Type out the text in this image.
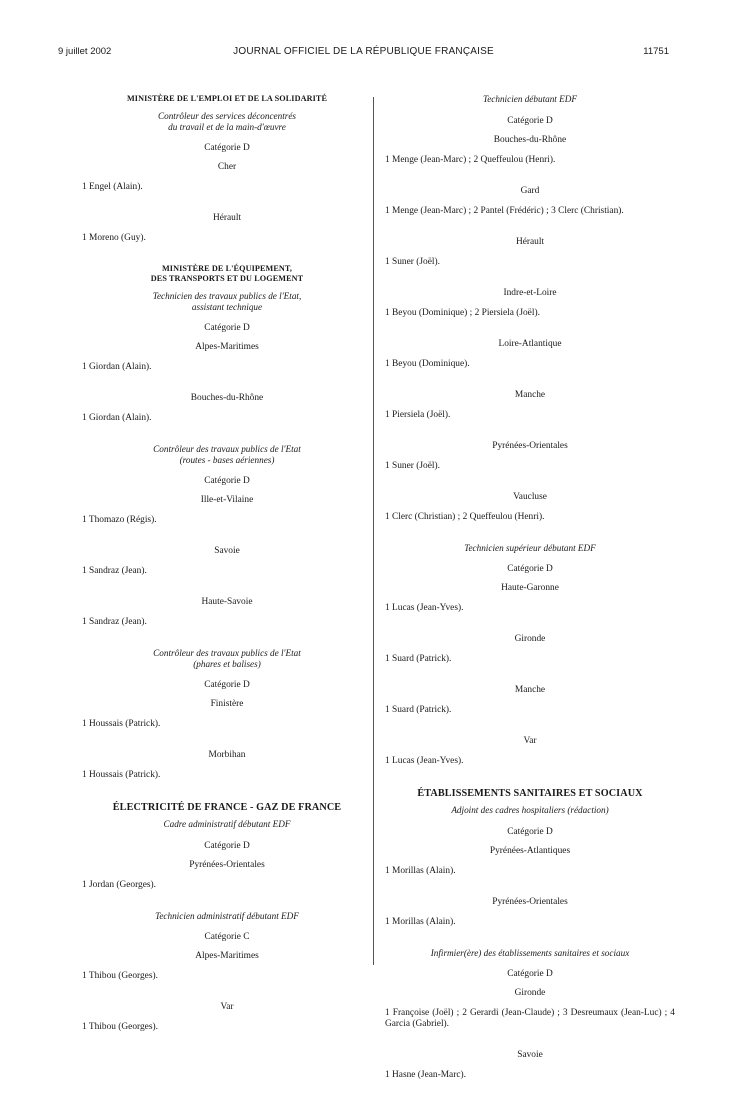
9 juillet 2002	JOURNAL OFFICIEL DE LA RÉPUBLIQUE FRANÇAISE	11751
MINISTÈRE DE L'EMPLOI ET DE LA SOLIDARITÉ
Contrôleur des services déconcentrés
du travail et de la main-d'œuvre
Catégorie D
Cher
1 Engel (Alain).
Hérault
1 Moreno (Guy).
MINISTÈRE DE L'ÉQUIPEMENT,
DES TRANSPORTS ET DU LOGEMENT
Technicien des travaux publics de l'Etat,
assistant technique
Catégorie D
Alpes-Maritimes
1 Giordan (Alain).
Bouches-du-Rhône
1 Giordan (Alain).
Contrôleur des travaux publics de l'Etat
(routes - bases aériennes)
Catégorie D
Ille-et-Vilaine
1 Thomazo (Régis).
Savoie
1 Sandraz (Jean).
Haute-Savoie
1 Sandraz (Jean).
Contrôleur des travaux publics de l'Etat
(phares et balises)
Catégorie D
Finistère
1 Houssais (Patrick).
Morbihan
1 Houssais (Patrick).
ÉLECTRICITÉ DE FRANCE - GAZ DE FRANCE
Cadre administratif débutant EDF
Catégorie D
Pyrénées-Orientales
1 Jordan (Georges).
Technicien administratif débutant EDF
Catégorie C
Alpes-Maritimes
1 Thibou (Georges).
Var
1 Thibou (Georges).
Technicien débutant EDF
Catégorie D
Bouches-du-Rhône
1 Menge (Jean-Marc) ; 2 Queffeulou (Henri).
Gard
1 Menge (Jean-Marc) ; 2 Pantel (Frédéric) ; 3 Clerc (Christian).
Hérault
1 Suner (Joël).
Indre-et-Loire
1 Beyou (Dominique) ; 2 Piersiela (Joël).
Loire-Atlantique
1 Beyou (Dominique).
Manche
1 Piersiela (Joël).
Pyrénées-Orientales
1 Suner (Joël).
Vaucluse
1 Clerc (Christian) ; 2 Queffeulou (Henri).
Technicien supérieur débutant EDF
Catégorie D
Haute-Garonne
1 Lucas (Jean-Yves).
Gironde
1 Suard (Patrick).
Manche
1 Suard (Patrick).
Var
1 Lucas (Jean-Yves).
ÉTABLISSEMENTS SANITAIRES ET SOCIAUX
Adjoint des cadres hospitaliers (rédaction)
Catégorie D
Pyrénées-Atlantiques
1 Morillas (Alain).
Pyrénées-Orientales
1 Morillas (Alain).
Infirmier(ère) des établissements sanitaires et sociaux
Catégorie D
Gironde
1 Françoise (Joël) ; 2 Gerardi (Jean-Claude) ; 3 Desreumaux (Jean-Luc) ; 4 Garcia (Gabriel).
Savoie
1 Hasne (Jean-Marc).
